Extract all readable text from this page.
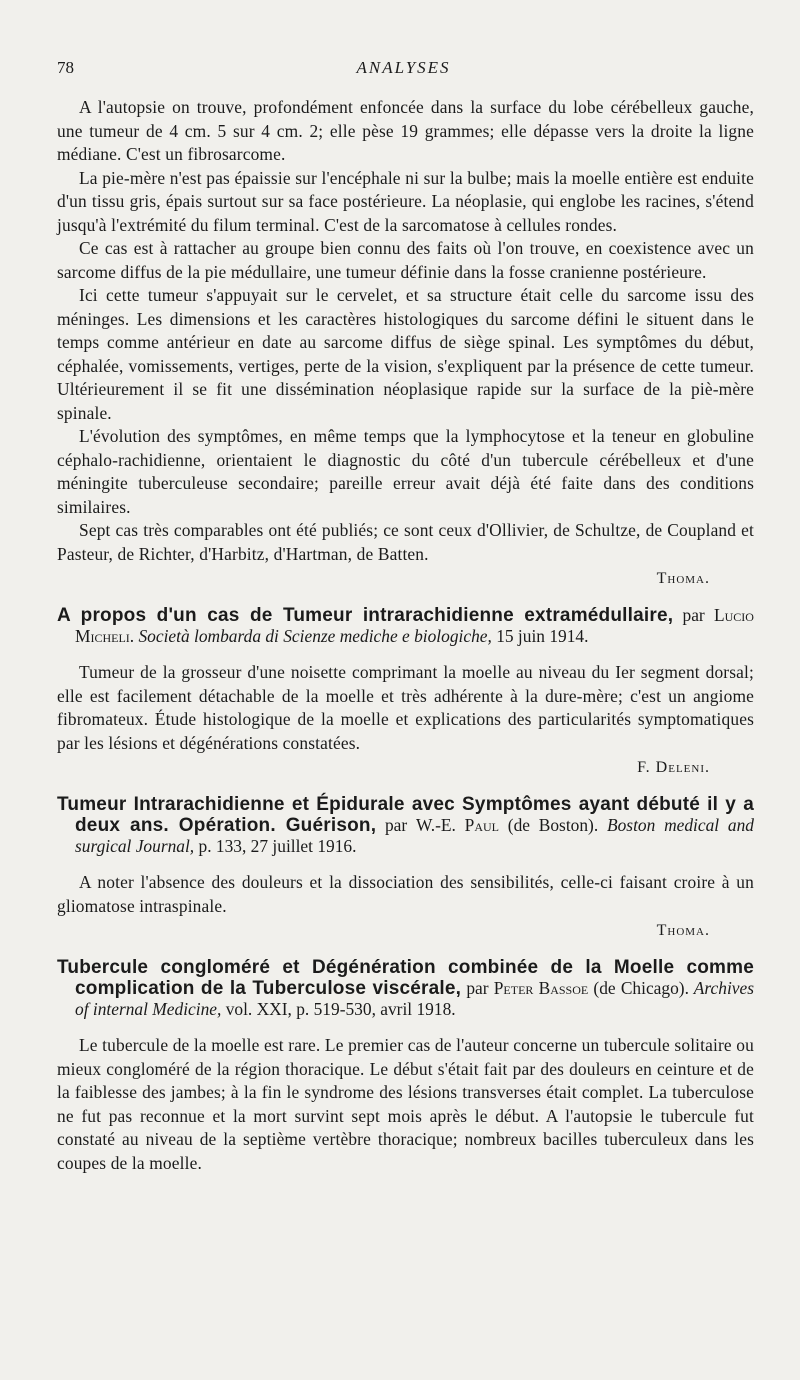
78	ANALYSES

A l'autopsie on trouve, profondément enfoncée dans la surface du lobe cérébelleux gauche, une tumeur de 4 cm. 5 sur 4 cm. 2; elle pèse 19 grammes; elle dépasse vers la droite la ligne médiane. C'est un fibrosarcome.

La pie-mère n'est pas épaissie sur l'encéphale ni sur la bulbe; mais la moelle entière est enduite d'un tissu gris, épais surtout sur sa face postérieure. La néoplasie, qui englobe les racines, s'étend jusqu'à l'extrémité du filum terminal. C'est de la sarcomatose à cellules rondes.

Ce cas est à rattacher au groupe bien connu des faits où l'on trouve, en coexistence avec un sarcome diffus de la pie médullaire, une tumeur définie dans la fosse cranienne postérieure.

Ici cette tumeur s'appuyait sur le cervelet, et sa structure était celle du sarcome issu des méninges. Les dimensions et les caractères histologiques du sarcome défini le situent dans le temps comme antérieur en date au sarcome diffus de siège spinal. Les symptômes du début, céphalée, vomissements, vertiges, perte de la vision, s'expliquent par la présence de cette tumeur. Ultérieurement il se fit une dissémination néoplasique rapide sur la surface de la piè-mère spinale.

L'évolution des symptômes, en même temps que la lymphocytose et la teneur en globuline céphalo-rachidienne, orientaient le diagnostic du côté d'un tubercule cérébelleux et d'une méningite tuberculeuse secondaire; pareille erreur avait déjà été faite dans des conditions similaires.

Sept cas très comparables ont été publiés; ce sont ceux d'Ollivier, de Schultze, de Coupland et Pasteur, de Richter, d'Harbitz, d'Hartman, de Batten.

Thoma.

A propos d'un cas de Tumeur intrarachidienne extramédullaire, par Lucio Micheli. Società lombarda di Scienze mediche e biologiche, 15 juin 1914.

Tumeur de la grosseur d'une noisette comprimant la moelle au niveau du Ier segment dorsal; elle est facilement détachable de la moelle et très adhérente à la dure-mère; c'est un angiome fibromateux. Étude histologique de la moelle et explications des particularités symptomatiques par les lésions et dégénérations constatées.

F. Deleni.

Tumeur Intrarachidienne et Épidurale avec Symptômes ayant débuté il y a deux ans. Opération. Guérison, par W.-E. Paul (de Boston). Boston medical and surgical Journal, p. 133, 27 juillet 1916.

A noter l'absence des douleurs et la dissociation des sensibilités, celle-ci faisant croire à un gliomatose intraspinale.

Thoma.

Tubercule congloméré et Dégénération combinée de la Moelle comme complication de la Tuberculose viscérale, par Peter Bassoe (de Chicago). Archives of internal Medicine, vol. XXI, p. 519-530, avril 1918.

Le tubercule de la moelle est rare. Le premier cas de l'auteur concerne un tubercule solitaire ou mieux congloméré de la région thoracique. Le début s'était fait par des douleurs en ceinture et de la faiblesse des jambes; à la fin le syndrome des lésions transverses était complet. La tuberculose ne fut pas reconnue et la mort survint sept mois après le début. A l'autopsie le tubercule fut constaté au niveau de la septième vertèbre thoracique; nombreux bacilles tuberculeux dans les coupes de la moelle.
